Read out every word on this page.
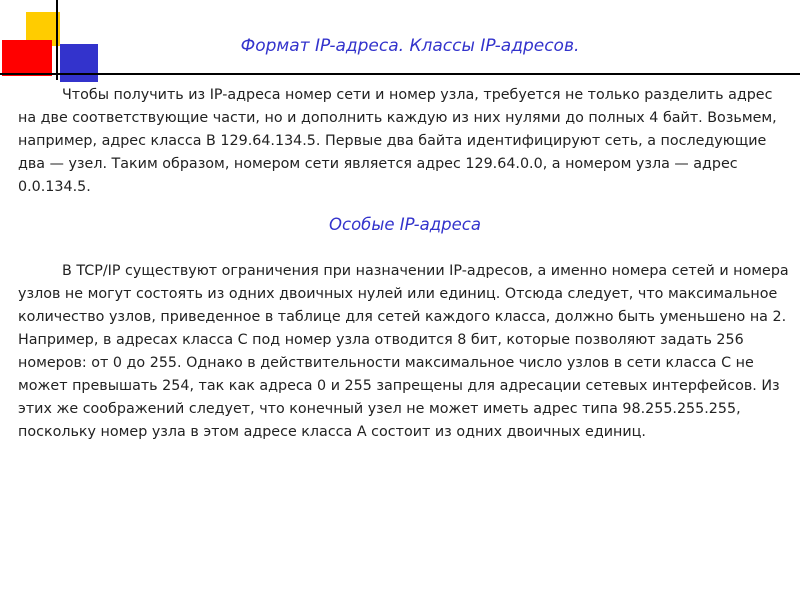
Формат IP-адреса. Классы IP-адресов.

Чтобы получить из IP-адреса номер сети и номер узла, требуется не только разделить адрес на две соответствующие части, но и дополнить каждую из них нулями до полных 4 байт. Возьмем, например, адрес класса В 129.64.134.5. Первые два байта идентифицируют сеть, а последующие два — узел. Таким образом, номером сети является адрес 129.64.0.0, а номером узла — адрес 0.0.134.5.

Особые IP-адреса

В TCP/IP существуют ограничения при назначении IP-адресов, а именно номера сетей и номера узлов не могут состоять из одних двоичных нулей или единиц. Отсюда следует, что максимальное количество узлов, приведенное в таблице для сетей каждого класса, должно быть уменьшено на 2. Например, в адресах класса С под номер узла отводится 8 бит, которые позволяют задать 256 номеров: от 0 до 255. Однако в действительности максимальное число узлов в сети класса С не может превышать 254, так как адреса 0 и 255 запрещены для адресации сетевых интерфейсов. Из этих же соображений следует, что конечный узел не может иметь адрес типа 98.255.255.255, поскольку номер узла в этом адресе класса А состоит из одних двоичных единиц.
